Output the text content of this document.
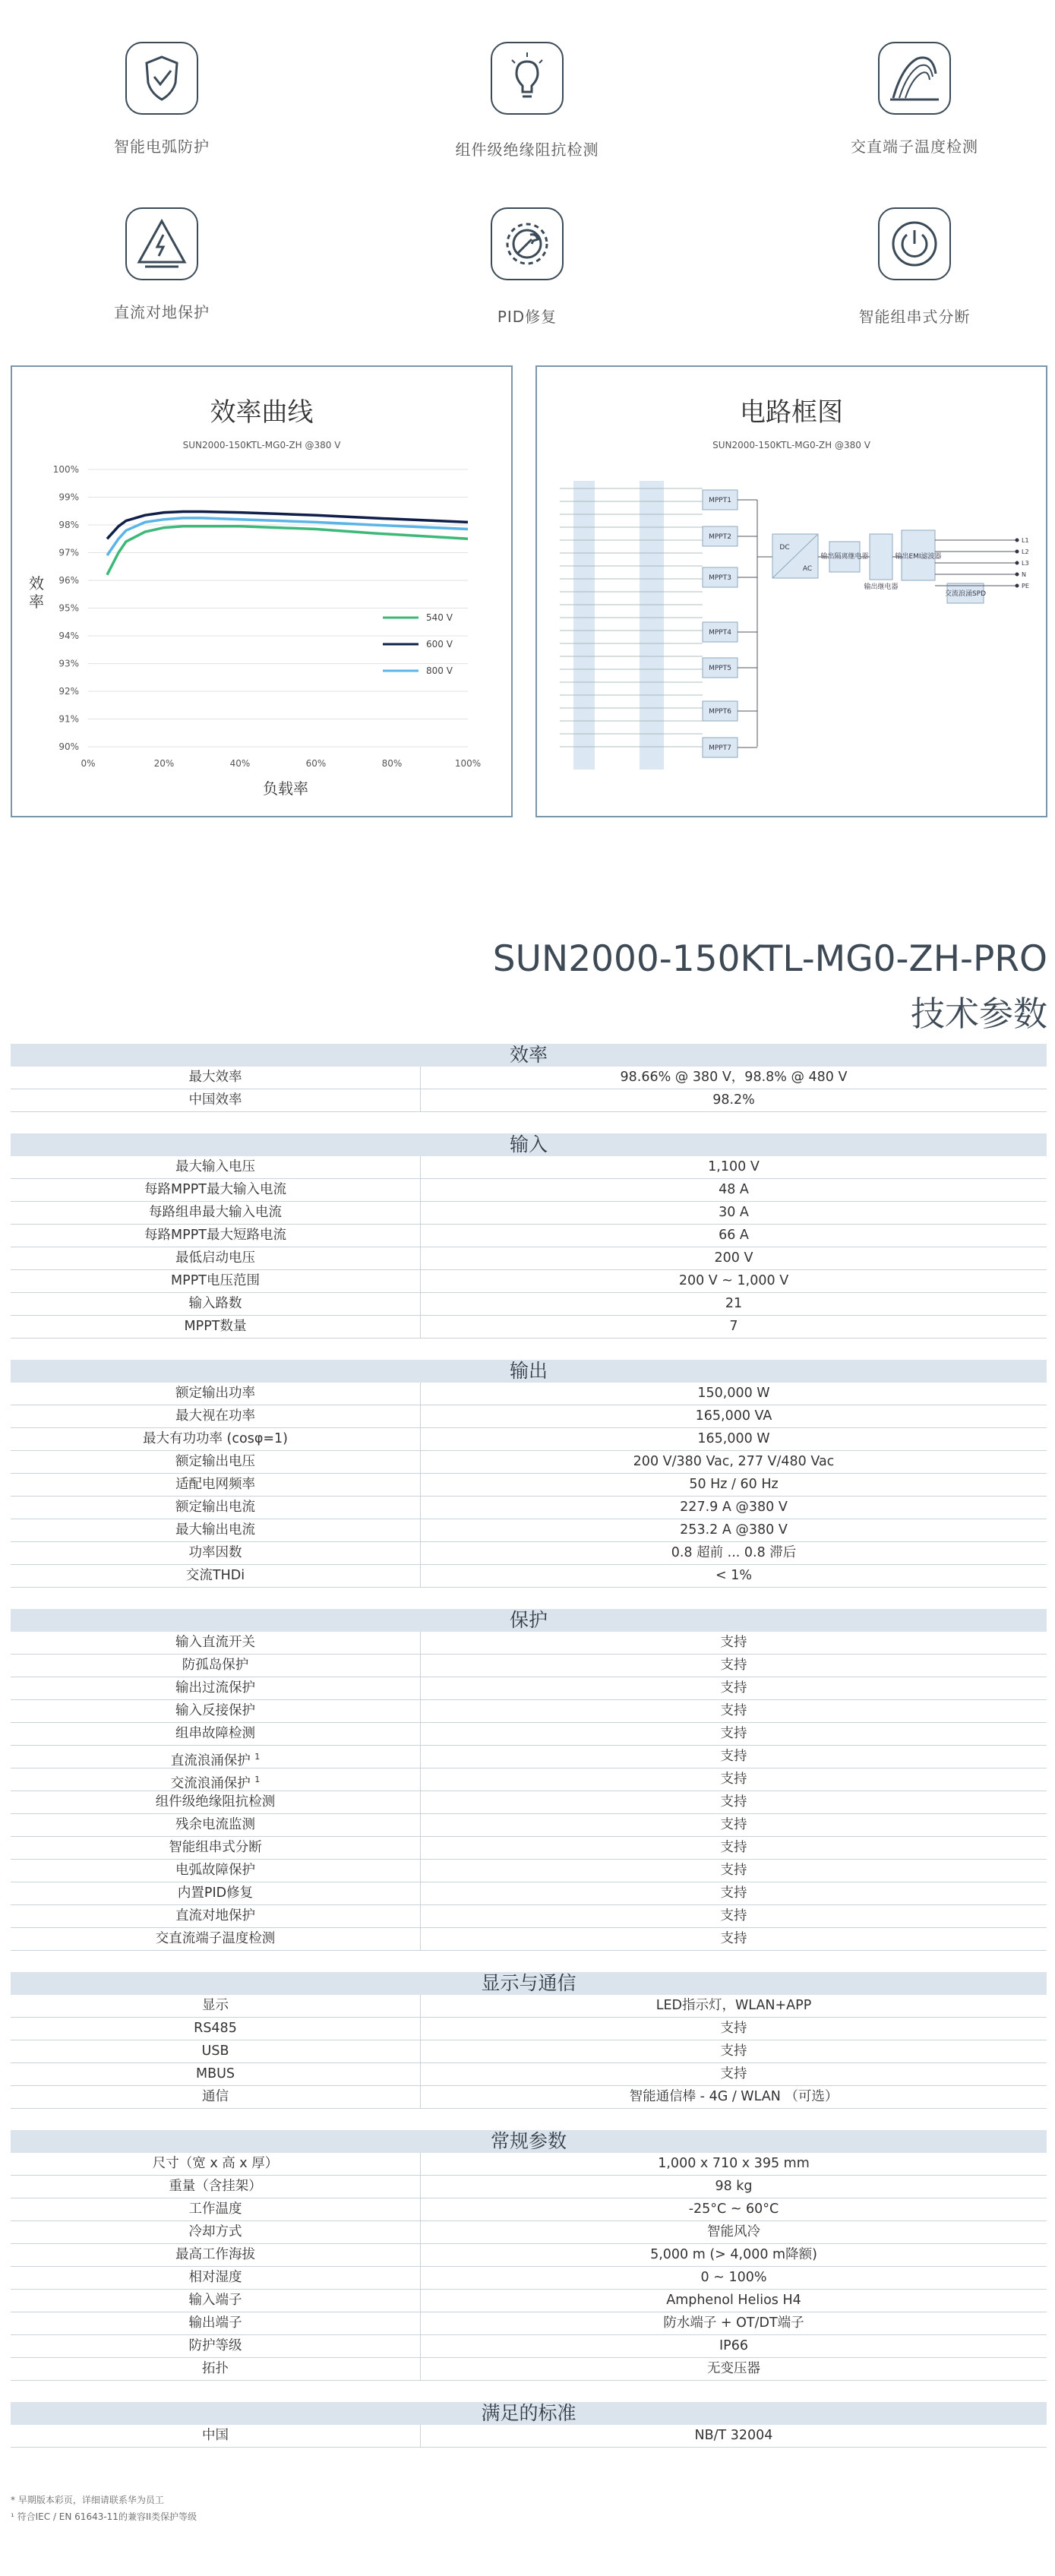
智能电弧防护	组件级绝缘阻抗检测	交直端子温度检测
直流对地保护	PID修复	智能组串式分断
效率曲线
SUN2000-150KTL-MG0-ZH @380 V
90%
91%
92%
93%
94%
95%
96%
97%
98%
99%
100%
0%	20%	40%	60%	80%	100%
负载率
效
率
540 V
600 V
800 V
电路框图
SUN2000-150KTL-MG0-ZH @380 V
MPPT1
MPPT2
MPPT3
MPPT4
MPPT5
MPPT6
MPPT7
DC
AC
输出隔离继电器
输出继电器
输出EMI滤波器
交流浪涌SPD
L1
L2
L3
N
PE
SUN2000-150KTL-MG0-ZH-PRO
技术参数
效率
最大效率	98.66% @ 380 V，98.8% @ 480 V
中国效率	98.2%
输入
最大输入电压	1,100 V
每路MPPT最大输入电流	48 A
每路组串最大输入电流	30 A
每路MPPT最大短路电流	66 A
最低启动电压	200 V
MPPT电压范围	200 V ~ 1,000 V
输入路数	21
MPPT数量	7
输出
额定输出功率	150,000 W
最大视在功率	165,000 VA
最大有功功率 (cosφ=1)	165,000 W
额定输出电压	200 V/380 Vac, 277 V/480 Vac
适配电网频率	50 Hz / 60 Hz
额定输出电流	227.9 A @380 V
最大输出电流	253.2 A @380 V
功率因数	0.8 超前 ... 0.8 滞后
交流THDi	< 1%
保护
输入直流开关	支持
防孤岛保护	支持
输出过流保护	支持
输入反接保护	支持
组串故障检测	支持
直流浪涌保护 $^1$	支持
交流浪涌保护 $^1$	支持
组件级绝缘阻抗检测	支持
残余电流监测	支持
智能组串式分断	支持
电弧故障保护	支持
内置PID修复	支持
直流对地保护	支持
交直流端子温度检测	支持
显示与通信
显示	LED指示灯，WLAN+APP
RS485	支持
USB	支持
MBUS	支持
通信	智能通信棒 - 4G / WLAN （可选）
常规参数
尺寸（宽 x 高 x 厚）	1,000 x 710 x 395 mm
重量（含挂架）	98 kg
工作温度	-25°C ~ 60°C
冷却方式	智能风冷
最高工作海拔	5,000 m (> 4,000 m降额)
相对湿度	0 ~ 100%
输入端子	Amphenol Helios H4
输出端子	防水端子 + OT/DT端子
防护等级	IP66
拓扑	无变压器
满足的标准
中国	NB/T 32004
* 早期版本彩页，详细请联系华为员工
¹ 符合IEC / EN 61643-11的兼容II类保护等级
